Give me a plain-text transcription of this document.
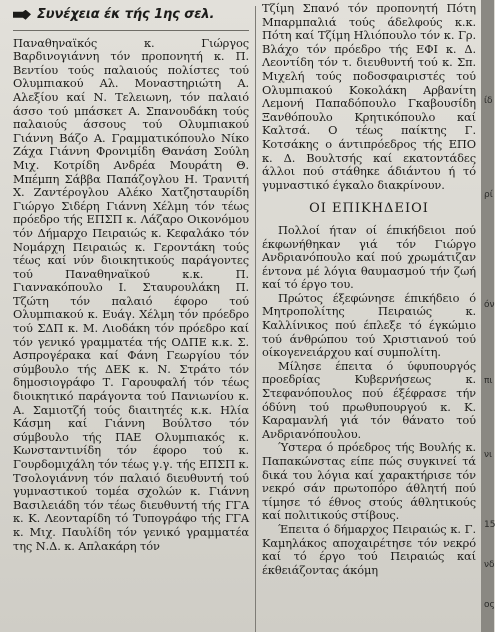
Συνέχεια έκ τής 1ης σελ.

Παναθηναϊκός κ. Γιώργος Βαρδινογιάννη τόν προπονητή κ. Π. Βεντίου τούς παλαιούς πολίστες τού Ολυμπιακού Αλ. Μοναστηριώτη Α. Αλεξίου καί Ν. Τελειωνη, τόν παλαιό άσσο τού μπάσκετ Α. Σπανουδάκη τούς παλαιούς άσσους τού Ολυμπιακού Γιάννη Βάζο Α. Γραμματικόπουλο Νίκο Ζάχα Γιάννη Φρονιμίδη Θανάση Σούλη Μιχ. Κοτρίδη Ανδρέα Μουράτη Θ. Μπέμπη Σάββα Παπάζογλου Η. Τρανιτή Χ. Ζαντέρογλου Αλέκο Χατζησταυρίδη Γιώργο Σιδέρη Γιάννη Χέλμη τόν τέως πρόεδρο τής ΕΠΣΠ κ. Λάζαρο Οικονόμου τόν Δήμαρχο Πειραιώς κ. Κεφαλάκο τόν Νομάρχη Πειραιώς κ. Γεροντάκη τούς τέως καί νύν διοικητικούς παράγοντες τού Παναθηναϊκού κ.κ. Π. Γιαννακόπουλο Ι. Σταυρουλάκη Π. Τζώτη τόν παλαιό έφορο τού Ολυμπιακού κ. Ευάγ. Χέλμη τόν πρόεδρο τού ΣΔΠ κ. Μ. Λιοδάκη τόν πρόεδρο καί τόν γενικό γραμματέα τής ΟΔΠΕ κ.κ. Σ. Ασπρογέρακα καί Φάνη Γεωργίου τόν σύμβουλο τής ΔΕΚ κ. Ν. Στράτο τόν δημοσιογράφο Τ. Γαρουφαλή τόν τέως διοικητικό παράγοντα τού Πανιωνίου κ. Α. Σαμιοτζή τούς διαιτητές κ.κ. Ηλία Κάσμη καί Γιάννη Βούλτσο τόν σύμβουλο τής ΠΑΕ Ολυμπιακός κ. Κωνσταντινίδη τόν έφορο τού κ. Γουρδομιχάλη τόν τέως γ.γ. τής ΕΠΣΠ κ. Τσολογιάννη τόν παλαιό διευθυντή τού γυμναστικού τομέα σχολών κ. Γιάννη Βασιλειάδη τόν τέως διευθυντή τής ΓΓΑ κ. Κ. Λεονταρίδη τό Τυπογράφο τής ΓΓΑ κ. Μιχ. Παυλίδη τόν γενικό γραμματέα της Ν.Δ. κ. Απλακάρη τόν

Τζίμη Σπανό τόν προπονητή Πότη Μπαρμπαλιά τούς άδελφούς κ.κ. Πότη καί Τζίμη Ηλιόπουλο τόν κ. Γρ. Βλάχο τόν πρόεδρο τής ΕΦΙ κ. Δ. Λεοντίδη τόν τ. διευθυντή τού κ. Σπ. Μιχελή τούς ποδοσφαιριστές τού Ολυμπιακού Κοκολάκη Αρβανίτη Λεμονή Παπαδόπουλο Γκαβουσίδη Ξανθόπουλο Κρητικόπουλο καί Καλτσά. Ο τέως παίκτης Γ. Κοτσάκης ο άντιπρόεδρος τής ΕΠΟ κ. Δ. Βουλτσής καί εκατοντάδες άλλοι πού στάθηκε άδιάντου ή τό γυμναστικό έγκαλο διακρίνουν.

ΟΙ ΕΠΙΚΗΔΕΙΟΙ

Πολλοί ήταν οί έπικήδειοι πού έκφωνήθηκαν γιά τόν Γιώργο Ανδριανόπουλο καί πού χρωμάτιζαν έντονα μέ λόγια θαυμασμού τήν ζωή καί τό έργο του.

Πρώτος έξεφώνησε έπικήδειο ό Μητροπολίτης Πειραιώς κ. Καλλίνικος πού έπλεξε τό έγκώμιο τού άνθρώπου τού Χριστιανού τού οίκογενειάρχου καί συμπολίτη.

Μίλησε έπειτα ό ύφυπουργός προεδρίας Κυβερνήσεως κ. Στεφανόπουλος πού έξέφρασε τήν όδύνη τού πρωθυπουργού κ. Κ. Καραμανλή γιά τόν θάνατο τού Ανδριανόπουλου.

Ύστερα ό πρόεδρος τής Βουλής κ. Παπακώνστας είπε πώς συγκινεί τά δικά του λόγια καί χαρακτήρισε τόν νεκρό σάν πρωτοπόρο άθλητή πού τίμησε τό έθνος στούς άθλητικούς καί πολιτικούς στίβους.

Έπειτα ό δήμαρχος Πειραιώς κ. Γ. Καμηλάκος αποχαιρέτησε τόν νεκρό καί τό έργο τού Πειραιώς καί έκθειάζοντας άκόμη

ίδ
ρί
όν
πι
νι
15
νδ
ος
